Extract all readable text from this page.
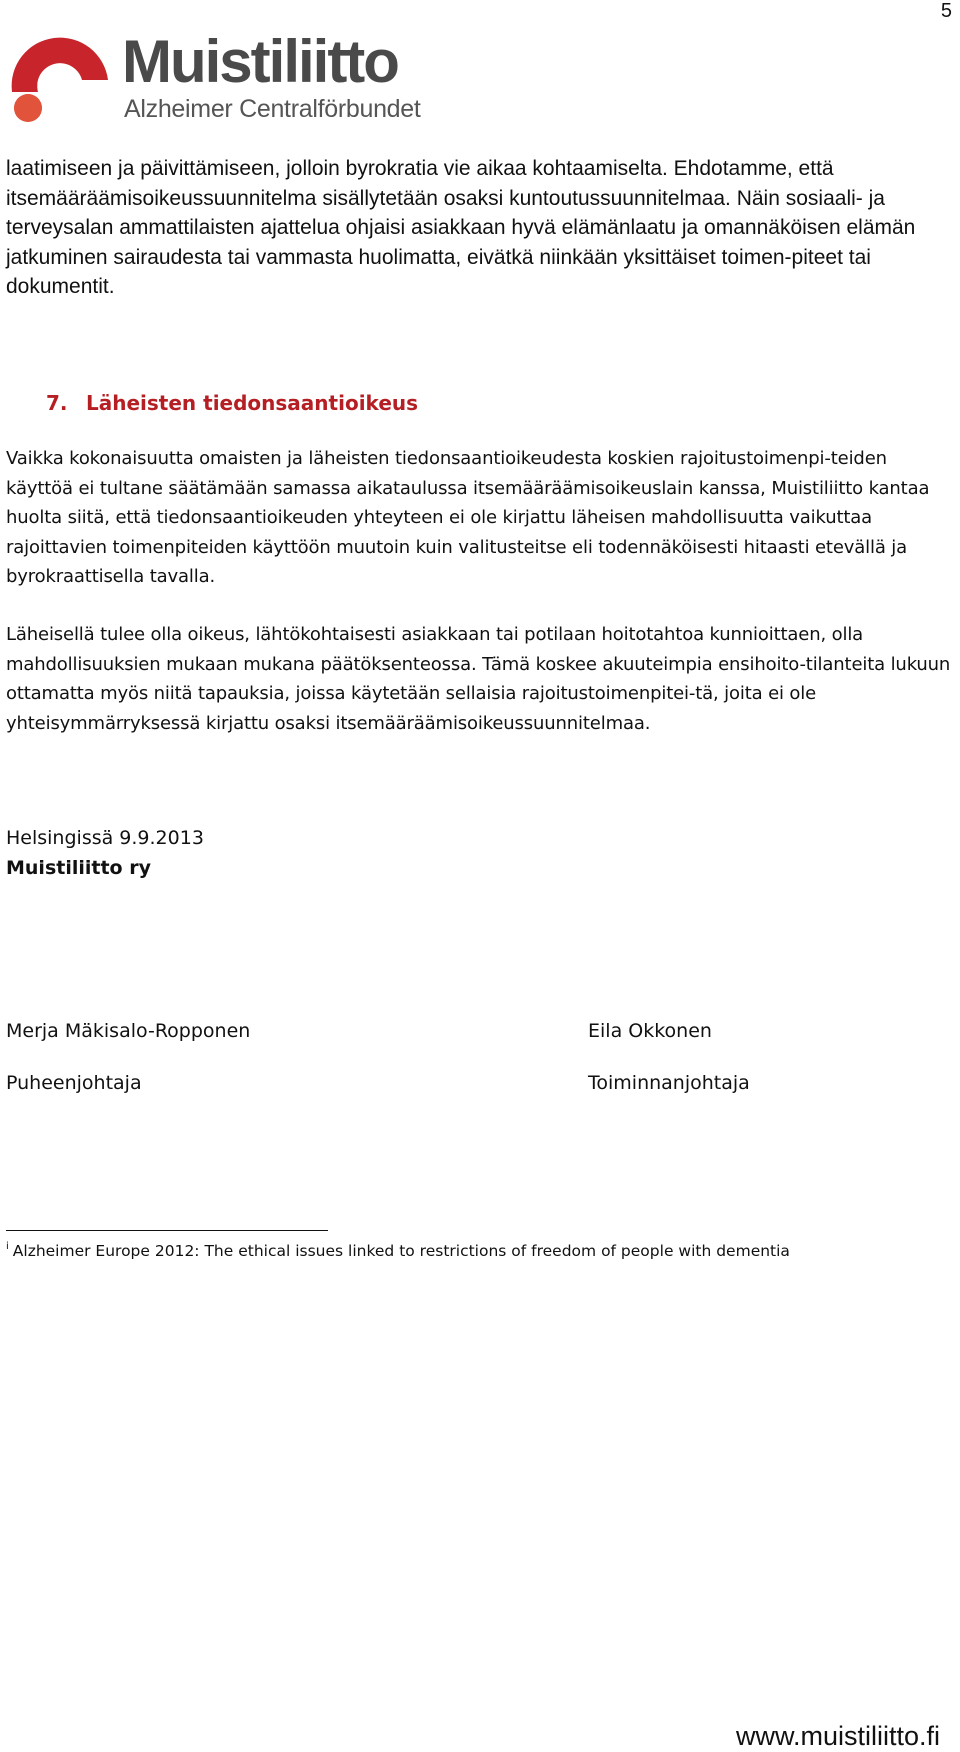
5
Muistiliitto
Alzheimer Centralförbundet

laatimiseen ja päivittämiseen, jolloin byrokratia vie aikaa kohtaamiselta. Ehdotamme, että itsemääräämisoikeussuunnitelma sisällytetään osaksi kuntoutussuunnitelmaa. Näin sosiaali- ja terveysalan ammattilaisten ajattelua ohjaisi asiakkaan hyvä elämänlaatu ja omannäköisen elämän jatkuminen sairaudesta tai vammasta huolimatta, eivätkä niinkään yksittäiset toimen-piteet tai dokumentit.

7. Läheisten tiedonsaantioikeus

Vaikka kokonaisuutta omaisten ja läheisten tiedonsaantioikeudesta koskien rajoitustoimenpi-teiden käyttöä ei tultane säätämään samassa aikataulussa itsemääräämisoikeuslain kanssa, Muistiliitto kantaa huolta siitä, että tiedonsaantioikeuden yhteyteen ei ole kirjattu läheisen mahdollisuutta vaikuttaa rajoittavien toimenpiteiden käyttöön muutoin kuin valitusteitse eli todennäköisesti hitaasti etevällä ja byrokraattisella tavalla.

Läheisellä tulee olla oikeus, lähtökohtaisesti asiakkaan tai potilaan hoitotahtoa kunnioittaen, olla mahdollisuuksien mukaan mukana päätöksenteossa. Tämä koskee akuuteimpia ensihoito-tilanteita lukuun ottamatta myös niitä tapauksia, joissa käytetään sellaisia rajoitustoimenpitei-tä, joita ei ole yhteisymmärryksessä kirjattu osaksi itsemääräämisoikeussuunnitelmaa.

Helsingissä 9.9.2013
Muistiliitto ry
Merja Mäkisalo-Ropponen
Puheenjohtaja
Eila Okkonen
Toiminnanjohtaja
$^i$ Alzheimer Europe 2012: The ethical issues linked to restrictions of freedom of people with dementia
www.muistiliitto.fi
